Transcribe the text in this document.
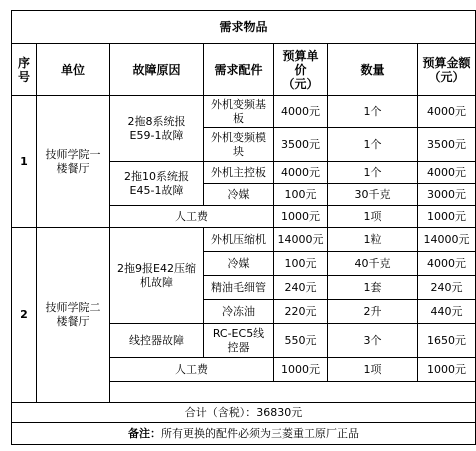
需求物品						
序号	单位	故障原因	需求配件	预算单价（元）	数量	预算金额（元）
1	技师学院一楼餐厅	2拖8系统报E59-1故障	外机变频基板	4000元	1个	4000元
			外机变频模块	3500元	1个	3500元
		2拖10系统报E45-1故障	外机主控板	4000元	1个	4000元
			冷媒	100元	30千克	3000元
		人工费		1000元	1项	1000元
2	技师学院二楼餐厅	2拖9报E42压缩机故障	外机压缩机	14000元	1粒	14000元
			冷媒	100元	40千克	4000元
			精油毛细管	240元	1套	240元
			冷冻油	220元	2升	440元
		线控器故障	RC-EC5线控器	550元	3个	1650元
		人工费		1000元	1项	1000元

合计（含税）：36830元						
备注：所有更换的配件必须为三菱重工原厂正品						
